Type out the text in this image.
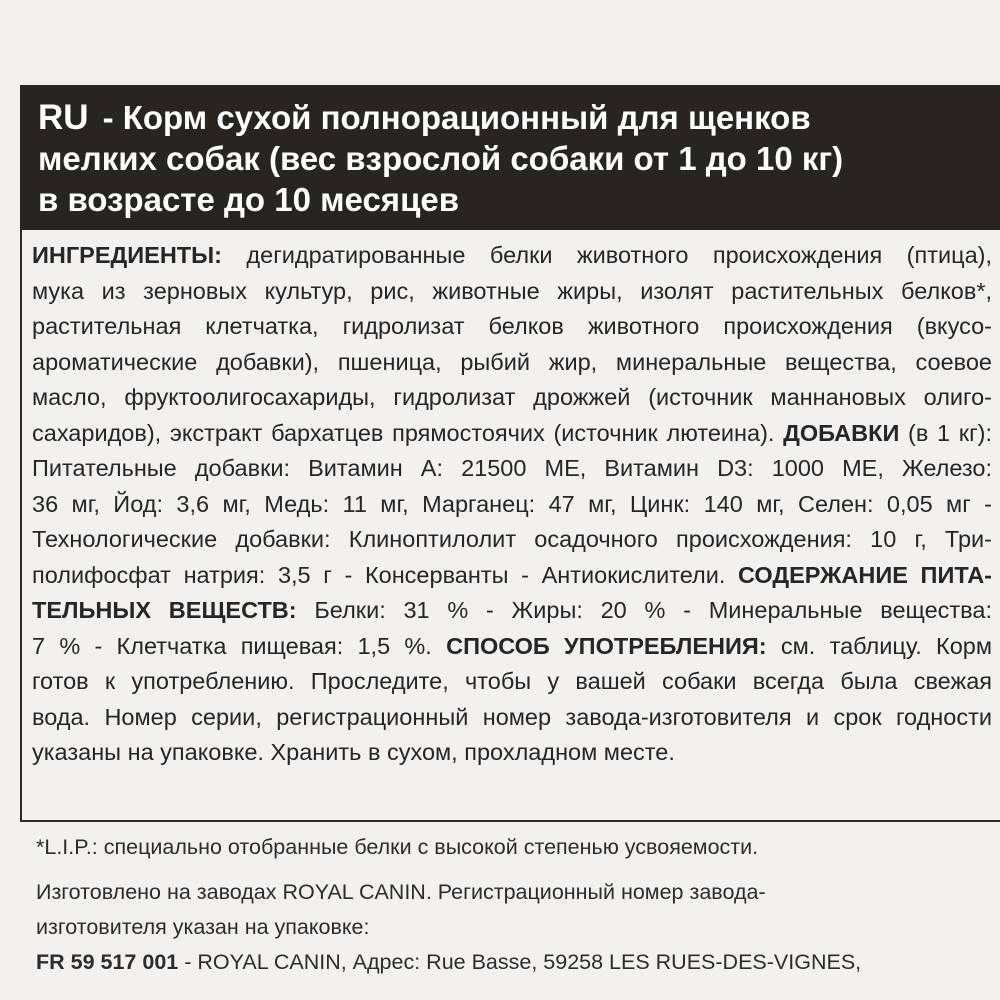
RU - Корм сухой полнорационный для щенков
мелких собак (вес взрослой собаки от 1 до 10 кг)
в возрасте до 10 месяцев
ИНГРЕДИЕНТЫ: дегидратированные белки животного происхождения (птица),
мука из зерновых культур, рис, животные жиры, изолят растительных белков*,
растительная клетчатка, гидролизат белков животного происхождения (вкусо-
ароматические добавки), пшеница, рыбий жир, минеральные вещества, соевое
масло, фруктоолигосахариды, гидролизат дрожжей (источник маннановых олиго-
сахаридов), экстракт бархатцев прямостоячих (источник лютеина). ДОБАВКИ (в 1 кг):
Питательные добавки: Витамин А: 21500 МЕ, Витамин D3: 1000 МЕ, Железо:
36 мг, Йод: 3,6 мг, Медь: 11 мг, Марганец: 47 мг, Цинк: 140 мг, Селен: 0,05 мг -
Технологические добавки: Клиноптилолит осадочного происхождения: 10 г, Три-
полифосфат натрия: 3,5 г - Консерванты - Антиокислители. СОДЕРЖАНИЕ ПИТА-
ТЕЛЬНЫХ ВЕЩЕСТВ: Белки: 31 % - Жиры: 20 % - Минеральные вещества:
7 % - Клетчатка пищевая: 1,5 %. СПОСОБ УПОТРЕБЛЕНИЯ: см. таблицу. Корм
готов к употреблению. Проследите, чтобы у вашей собаки всегда была свежая
вода. Номер серии, регистрационный номер завода-изготовителя и срок годности
указаны на упаковке. Хранить в сухом, прохладном месте.
*L.I.P.: специально отобранные белки с высокой степенью усвояемости.
Изготовлено на заводах ROYAL CANIN. Регистрационный номер завода-
изготовителя указан на упаковке:
FR 59 517 001 - ROYAL CANIN, Адрес: Rue Basse, 59258 LES RUES-DES-VIGNES,
